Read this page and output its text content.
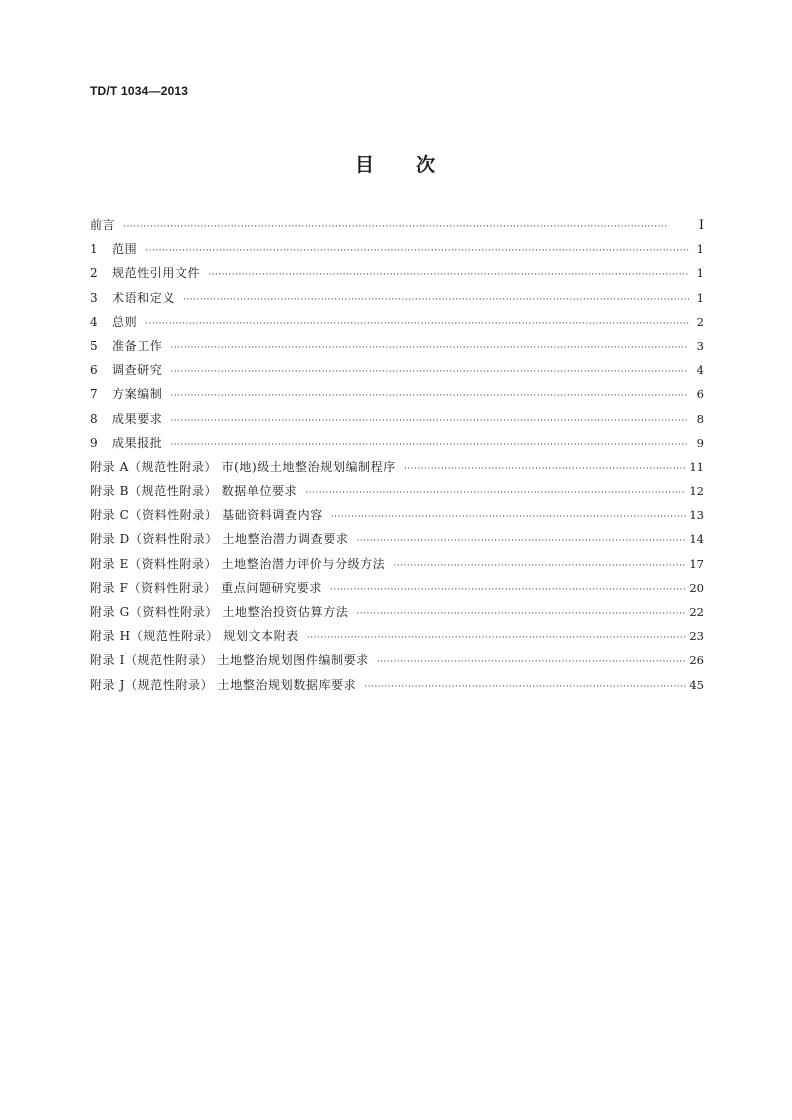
TD/T 1034—2013
目 次
前言 ·····	Ⅰ
1 范围 ·····	1
2 规范性引用文件 ·····	1
3 术语和定义 ·····	1
4 总则 ·····	2
5 准备工作 ·····	3
6 调查研究 ·····	4
7 方案编制 ·····	6
8 成果要求 ·····	8
9 成果报批 ·····	9
附录 A（规范性附录） 市(地)级土地整治规划编制程序 ·····	11
附录 B（规范性附录） 数据单位要求 ·····	12
附录 C（资料性附录） 基础资料调查内容 ·····	13
附录 D（资料性附录） 土地整治潜力调查要求 ·····	14
附录 E（资料性附录） 土地整治潜力评价与分级方法 ·····	17
附录 F（资料性附录） 重点问题研究要求 ·····	20
附录 G（资料性附录） 土地整治投资估算方法 ·····	22
附录 H（规范性附录） 规划文本附表 ·····	23
附录 I（规范性附录） 土地整治规划图件编制要求 ·····	26
附录 J（规范性附录） 土地整治规划数据库要求 ·····	45
